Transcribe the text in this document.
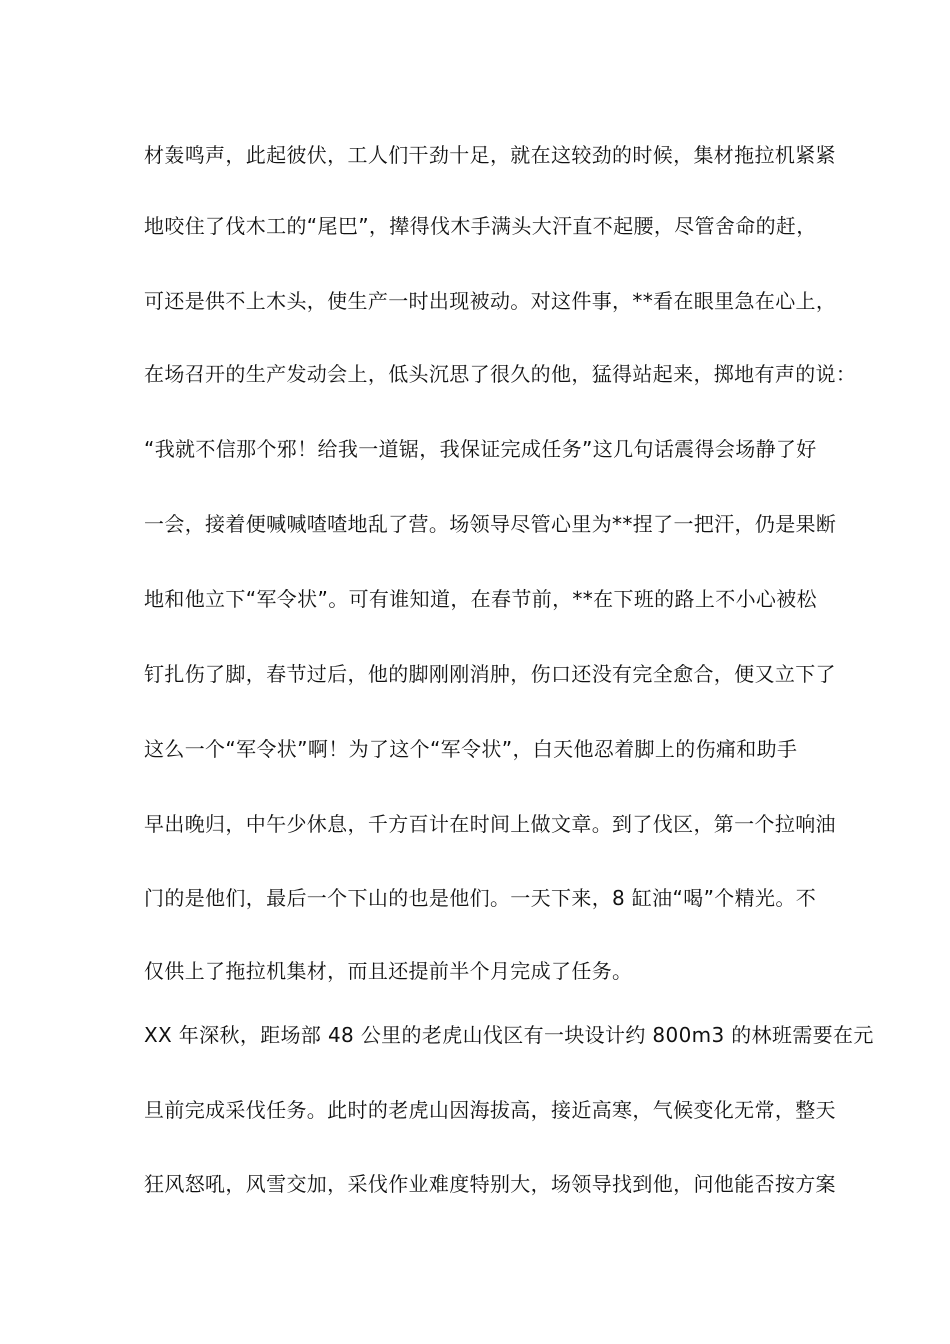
材轰鸣声，此起彼伏，工人们干劲十足，就在这较劲的时候，集材拖拉机紧紧
地咬住了伐木工的“尾巴”，撵得伐木手满头大汗直不起腰，尽管舍命的赶，
可还是供不上木头，使生产一时出现被动。对这件事，**看在眼里急在心上，
在场召开的生产发动会上，低头沉思了很久的他，猛得站起来，掷地有声的说：
“我就不信那个邪！给我一道锯，我保证完成任务”这几句话震得会场静了好
一会，接着便喊喊喳喳地乱了营。场领导尽管心里为**捏了一把汗，仍是果断
地和他立下“军令状”。可有谁知道，在春节前，**在下班的路上不小心被松
钉扎伤了脚，春节过后，他的脚刚刚消肿，伤口还没有完全愈合，便又立下了
这么一个“军令状”啊！为了这个“军令状”，白天他忍着脚上的伤痛和助手
早出晚归，中午少休息，千方百计在时间上做文章。到了伐区，第一个拉响油
门的是他们，最后一个下山的也是他们。一天下来，8 缸油“喝”个精光。不
仅供上了拖拉机集材，而且还提前半个月完成了任务。
XX 年深秋，距场部 48 公里的老虎山伐区有一块设计约 800m3 的林班需要在元
旦前完成采伐任务。此时的老虎山因海拔高，接近高寒，气候变化无常，整天
狂风怒吼，风雪交加，采伐作业难度特别大，场领导找到他，问他能否按方案
